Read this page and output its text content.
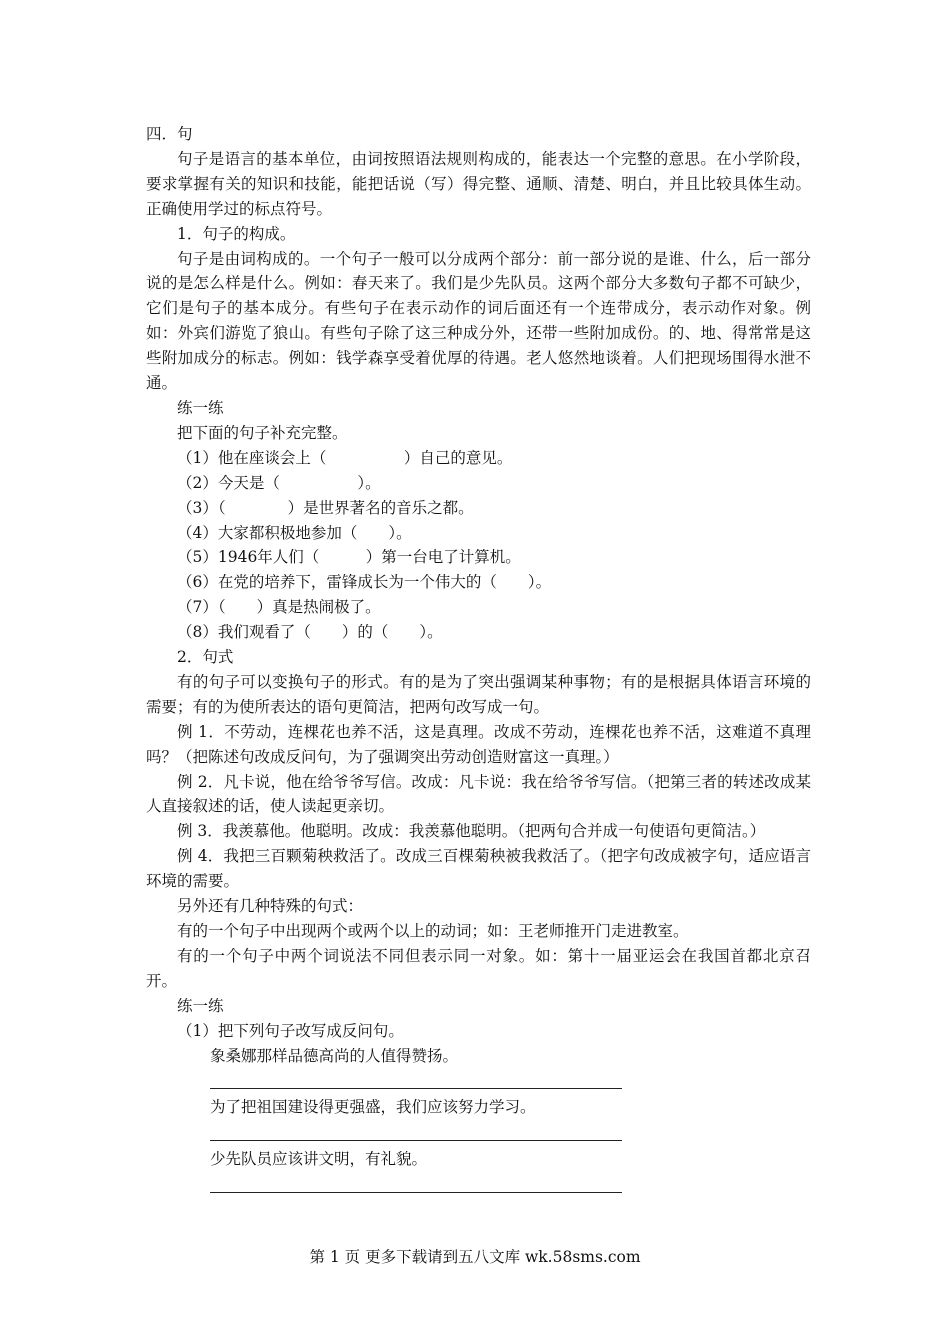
四．句

句子是语言的基本单位，由词按照语法规则构成的，能表达一个完整的意思。在小学阶段，要求掌握有关的知识和技能，能把话说（写）得完整、通顺、清楚、明白，并且比较具体生动。正确使用学过的标点符号。

1．句子的构成。

句子是由词构成的。一个句子一般可以分成两个部分：前一部分说的是谁、什么，后一部分说的是怎么样是什么。例如：春天来了。我们是少先队员。这两个部分大多数句子都不可缺少，它们是句子的基本成分。有些句子在表示动作的词后面还有一个连带成分，表示动作对象。例如：外宾们游览了狼山。有些句子除了这三种成分外，还带一些附加成份。的、地、得常常是这些附加成分的标志。例如：钱学森享受着优厚的待遇。老人悠然地谈着。人们把现场围得水泄不通。

练一练

把下面的句子补充完整。

（1）他在座谈会上（　　　　　）自己的意见。

（2）今天是（　　　　　）。

（3）（　　　　）是世界著名的音乐之都。

（4）大家都积极地参加（　　）。

（5）1946年人们（　　　）第一台电了计算机。

（6）在党的培养下，雷锋成长为一个伟大的（　　）。

（7）（　　）真是热闹极了。

（8）我们观看了（　　）的（　　）。

2．句式

有的句子可以变换句子的形式。有的是为了突出强调某种事物；有的是根据具体语言环境的需要；有的为使所表达的语句更简洁，把两句改写成一句。

例 1．不劳动，连棵花也养不活，这是真理。改成不劳动，连棵花也养不活，这难道不真理吗？（把陈述句改成反问句，为了强调突出劳动创造财富这一真理。）

例 2．凡卡说，他在给爷爷写信。改成：凡卡说：我在给爷爷写信。（把第三者的转述改成某人直接叙述的话，使人读起更亲切。

例 3．我羡慕他。他聪明。改成：我羡慕他聪明。（把两句合并成一句使语句更简洁。）

例 4．我把三百颗菊秧救活了。改成三百棵菊秧被我救活了。（把字句改成被字句，适应语言环境的需要。

另外还有几种特殊的句式：

有的一个句子中出现两个或两个以上的动词；如：王老师推开门走进教室。

有的一个句子中两个词说法不同但表示同一对象。如：第十一届亚运会在我国首都北京召开。

练一练

（1）把下列句子改写成反问句。

象桑娜那样品德高尚的人值得赞扬。

为了把祖国建设得更强盛，我们应该努力学习。

少先队员应该讲文明，有礼貌。

第 1 页 更多下载请到五八文库 wk.58sms.com
